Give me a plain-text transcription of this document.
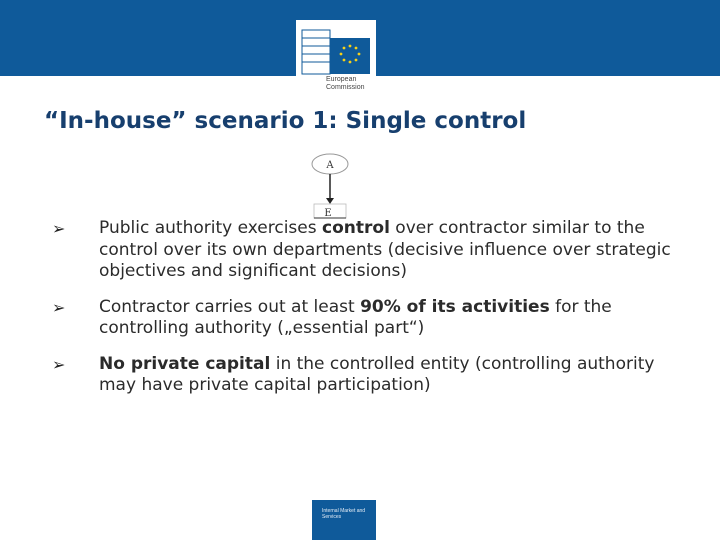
European Commission
“In-house” scenario 1: Single control
A
E
➢ Public authority exercises control over contractor similar to the control over its own departments (decisive influence over strategic objectives and significant decisions)
➢ Contractor carries out at least 90% of its activities for the controlling authority („essential part“)
➢ No private capital in the controlled entity (controlling authority may have private capital participation)
Internal Market and Services
